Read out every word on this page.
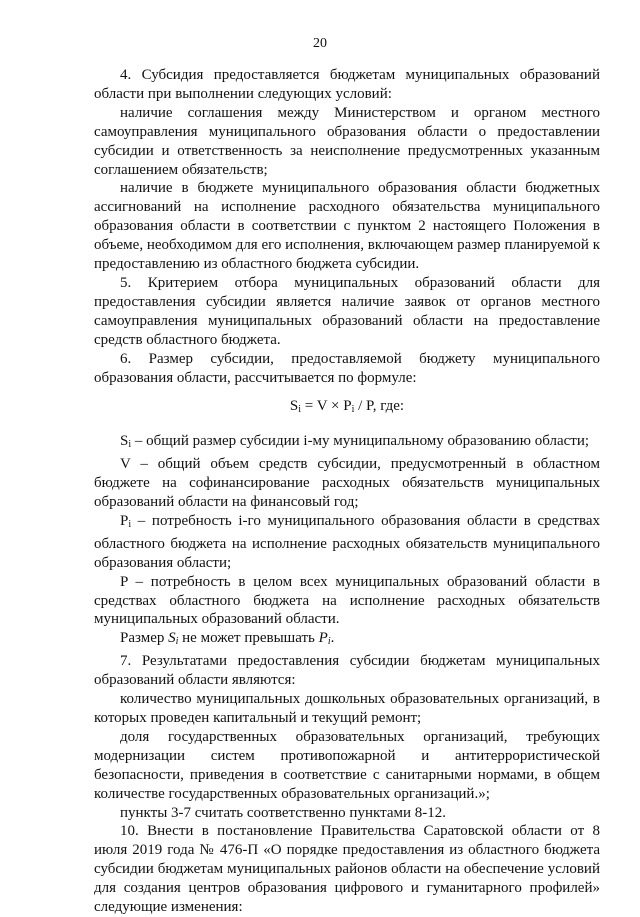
20

4. Субсидия предоставляется бюджетам муниципальных образований области при выполнении следующих условий:

наличие соглашения между Министерством и органом местного самоуправления муниципального образования области о предоставлении субсидии и ответственность за неисполнение предусмотренных указанным соглашением обязательств;

наличие в бюджете муниципального образования области бюджетных ассигнований на исполнение расходного обязательства муниципального образования области в соответствии с пунктом 2 настоящего Положения в объеме, необходимом для его исполнения, включающем размер планируемой к предоставлению из областного бюджета субсидии.

5. Критерием отбора муниципальных образований области для предоставления субсидии является наличие заявок от органов местного самоуправления муниципальных образований области на предоставление средств областного бюджета.

6. Размер субсидии, предоставляемой бюджету муниципального образования области, рассчитывается по формуле:

$S_i = V \times P_i / P$, где:

$S_i$ – общий размер субсидии i-му муниципальному образованию области;

V – общий объем средств субсидии, предусмотренный в областном бюджете на софинансирование расходных обязательств муниципальных образований области на финансовый год;

$P_i$ – потребность i-го муниципального образования области в средствах областного бюджета на исполнение расходных обязательств муниципального образования области;

P – потребность в целом всех муниципальных образований области в средствах областного бюджета на исполнение расходных обязательств муниципальных образований области.

Размер $S_i$ не может превышать $P_i$.

7. Результатами предоставления субсидии бюджетам муниципальных образований области являются:

количество муниципальных дошкольных образовательных организаций, в которых проведен капитальный и текущий ремонт;

доля государственных образовательных организаций, требующих модернизации систем противопожарной и антитеррористической безопасности, приведения в соответствие с санитарными нормами, в общем количестве государственных образовательных организаций.»;

пункты 3-7 считать соответственно пунктами 8-12.

10. Внести в постановление Правительства Саратовской области от 8 июля 2019 года № 476-П «О порядке предоставления из областного бюджета субсидии бюджетам муниципальных районов области на обеспечение условий для создания центров образования цифрового и гуманитарного профилей» следующие изменения:
